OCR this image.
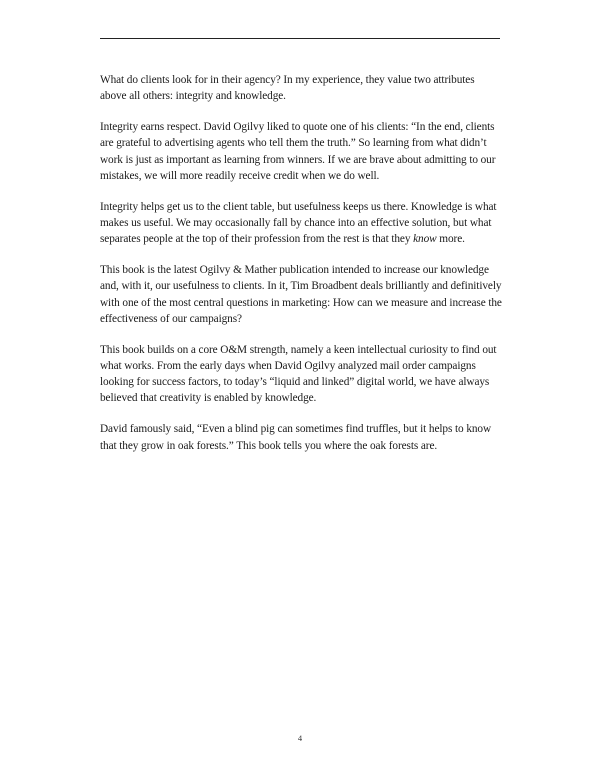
What do clients look for in their agency? In my experience, they value two attributes above all others: integrity and knowledge.

Integrity earns respect. David Ogilvy liked to quote one of his clients: “In the end, clients are grateful to advertising agents who tell them the truth.” So learning from what didn’t work is just as important as learning from winners. If we are brave about admitting to our mistakes, we will more readily receive credit when we do well.

Integrity helps get us to the client table, but usefulness keeps us there. Knowledge is what makes us useful. We may occasionally fall by chance into an effective solution, but what separates people at the top of their profession from the rest is that they know more.

This book is the latest Ogilvy & Mather publication intended to increase our knowledge and, with it, our usefulness to clients. In it, Tim Broadbent deals brilliantly and definitively with one of the most central questions in marketing: How can we measure and increase the effectiveness of our campaigns?

This book builds on a core O&M strength, namely a keen intellectual curiosity to find out what works. From the early days when David Ogilvy analyzed mail order campaigns looking for success factors, to today’s “liquid and linked” digital world, we have always believed that creativity is enabled by knowledge.

David famously said, “Even a blind pig can sometimes find truffles, but it helps to know that they grow in oak forests.” This book tells you where the oak forests are.

4
